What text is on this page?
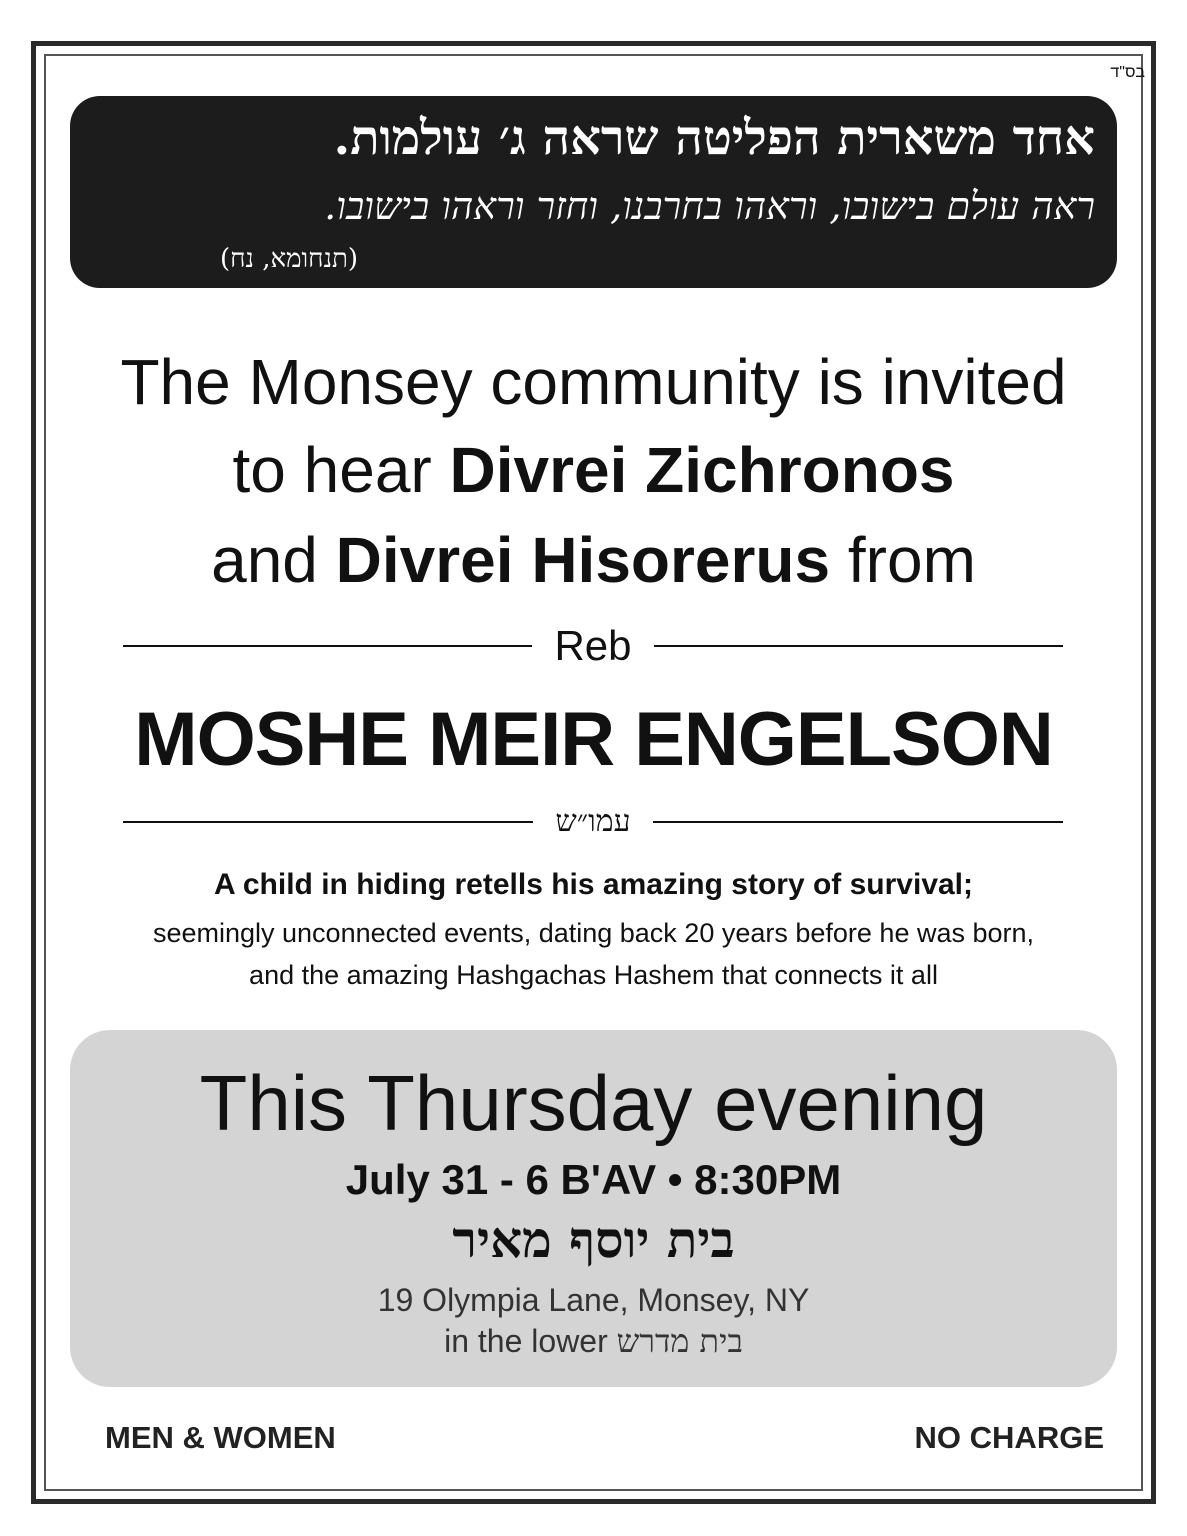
בס"ד
אחד משארית הפליטה שראה ג׳ עולמות.
ראה עולם בישובו, וראהו בחרבנו, וחזר וראהו בישובו.
(תנחומא, נח)
The Monsey community is invited
to hear Divrei Zichronos
and Divrei Hisorerus from
Reb
MOSHE MEIR ENGELSON
עמו״ש
A child in hiding retells his amazing story of survival;
seemingly unconnected events, dating back 20 years before he was born,
and the amazing Hashgachas Hashem that connects it all
This Thursday evening
July 31 - 6 B'AV • 8:30PM
בית יוסף מאיר
19 Olympia Lane, Monsey, NY
in the lower בית מדרש
MEN & WOMEN	NO CHARGE
